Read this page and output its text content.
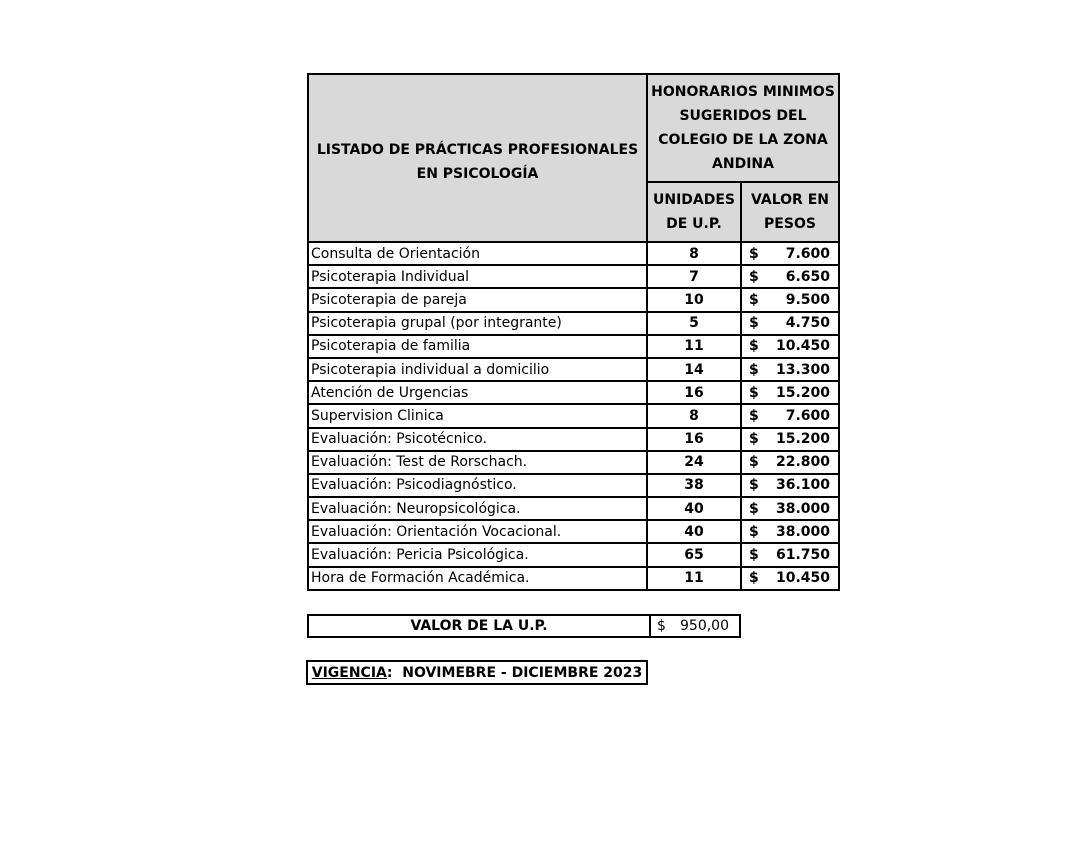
LISTADO DE PRÁCTICAS PROFESIONALES EN PSICOLOGÍA	HONORARIOS MINIMOS SUGERIDOS DEL COLEGIO DE LA ZONA ANDINA	
	UNIDADES DE U.P.	VALOR EN PESOS
Consulta de Orientación	8	$ 7.600

Psicoterapia Individual	7	$ 6.650

Psicoterapia de pareja	10	$ 9.500

Psicoterapia grupal (por integrante)	5	$ 4.750

Psicoterapia de familia	11	$ 10.450

Psicoterapia individual a domicilio	14	$ 13.300

Atención de Urgencias	16	$ 15.200

Supervision Clinica	8	$ 7.600

Evaluación: Psicotécnico.	16	$ 15.200

Evaluación: Test de Rorschach.	24	$ 22.800

Evaluación: Psicodiagnóstico.	38	$ 36.100

Evaluación: Neuropsicológica.	40	$ 38.000

Evaluación: Orientación Vocacional.	40	$ 38.000

Evaluación: Pericia Psicológica.	65	$ 61.750

Hora de Formación Académica.	11	$ 10.450
VALOR DE LA U.P.	$ 950,00
VIGENCIA :
NOVIMEBRE - DICIEMBRE 2023
